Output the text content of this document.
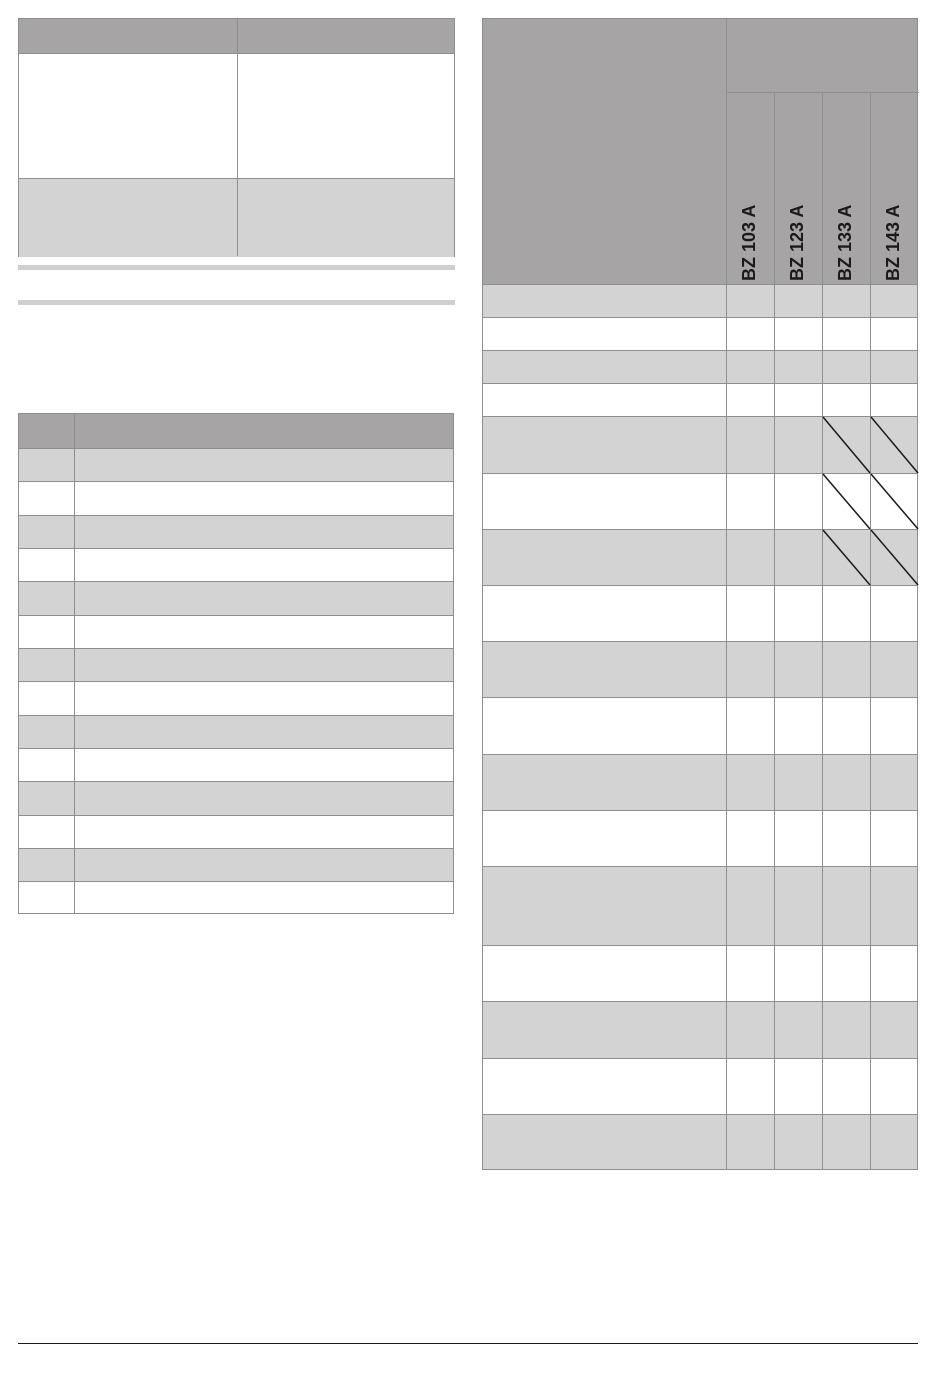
BZ 103 A BZ 123 A BZ 133 A BZ 143 A
